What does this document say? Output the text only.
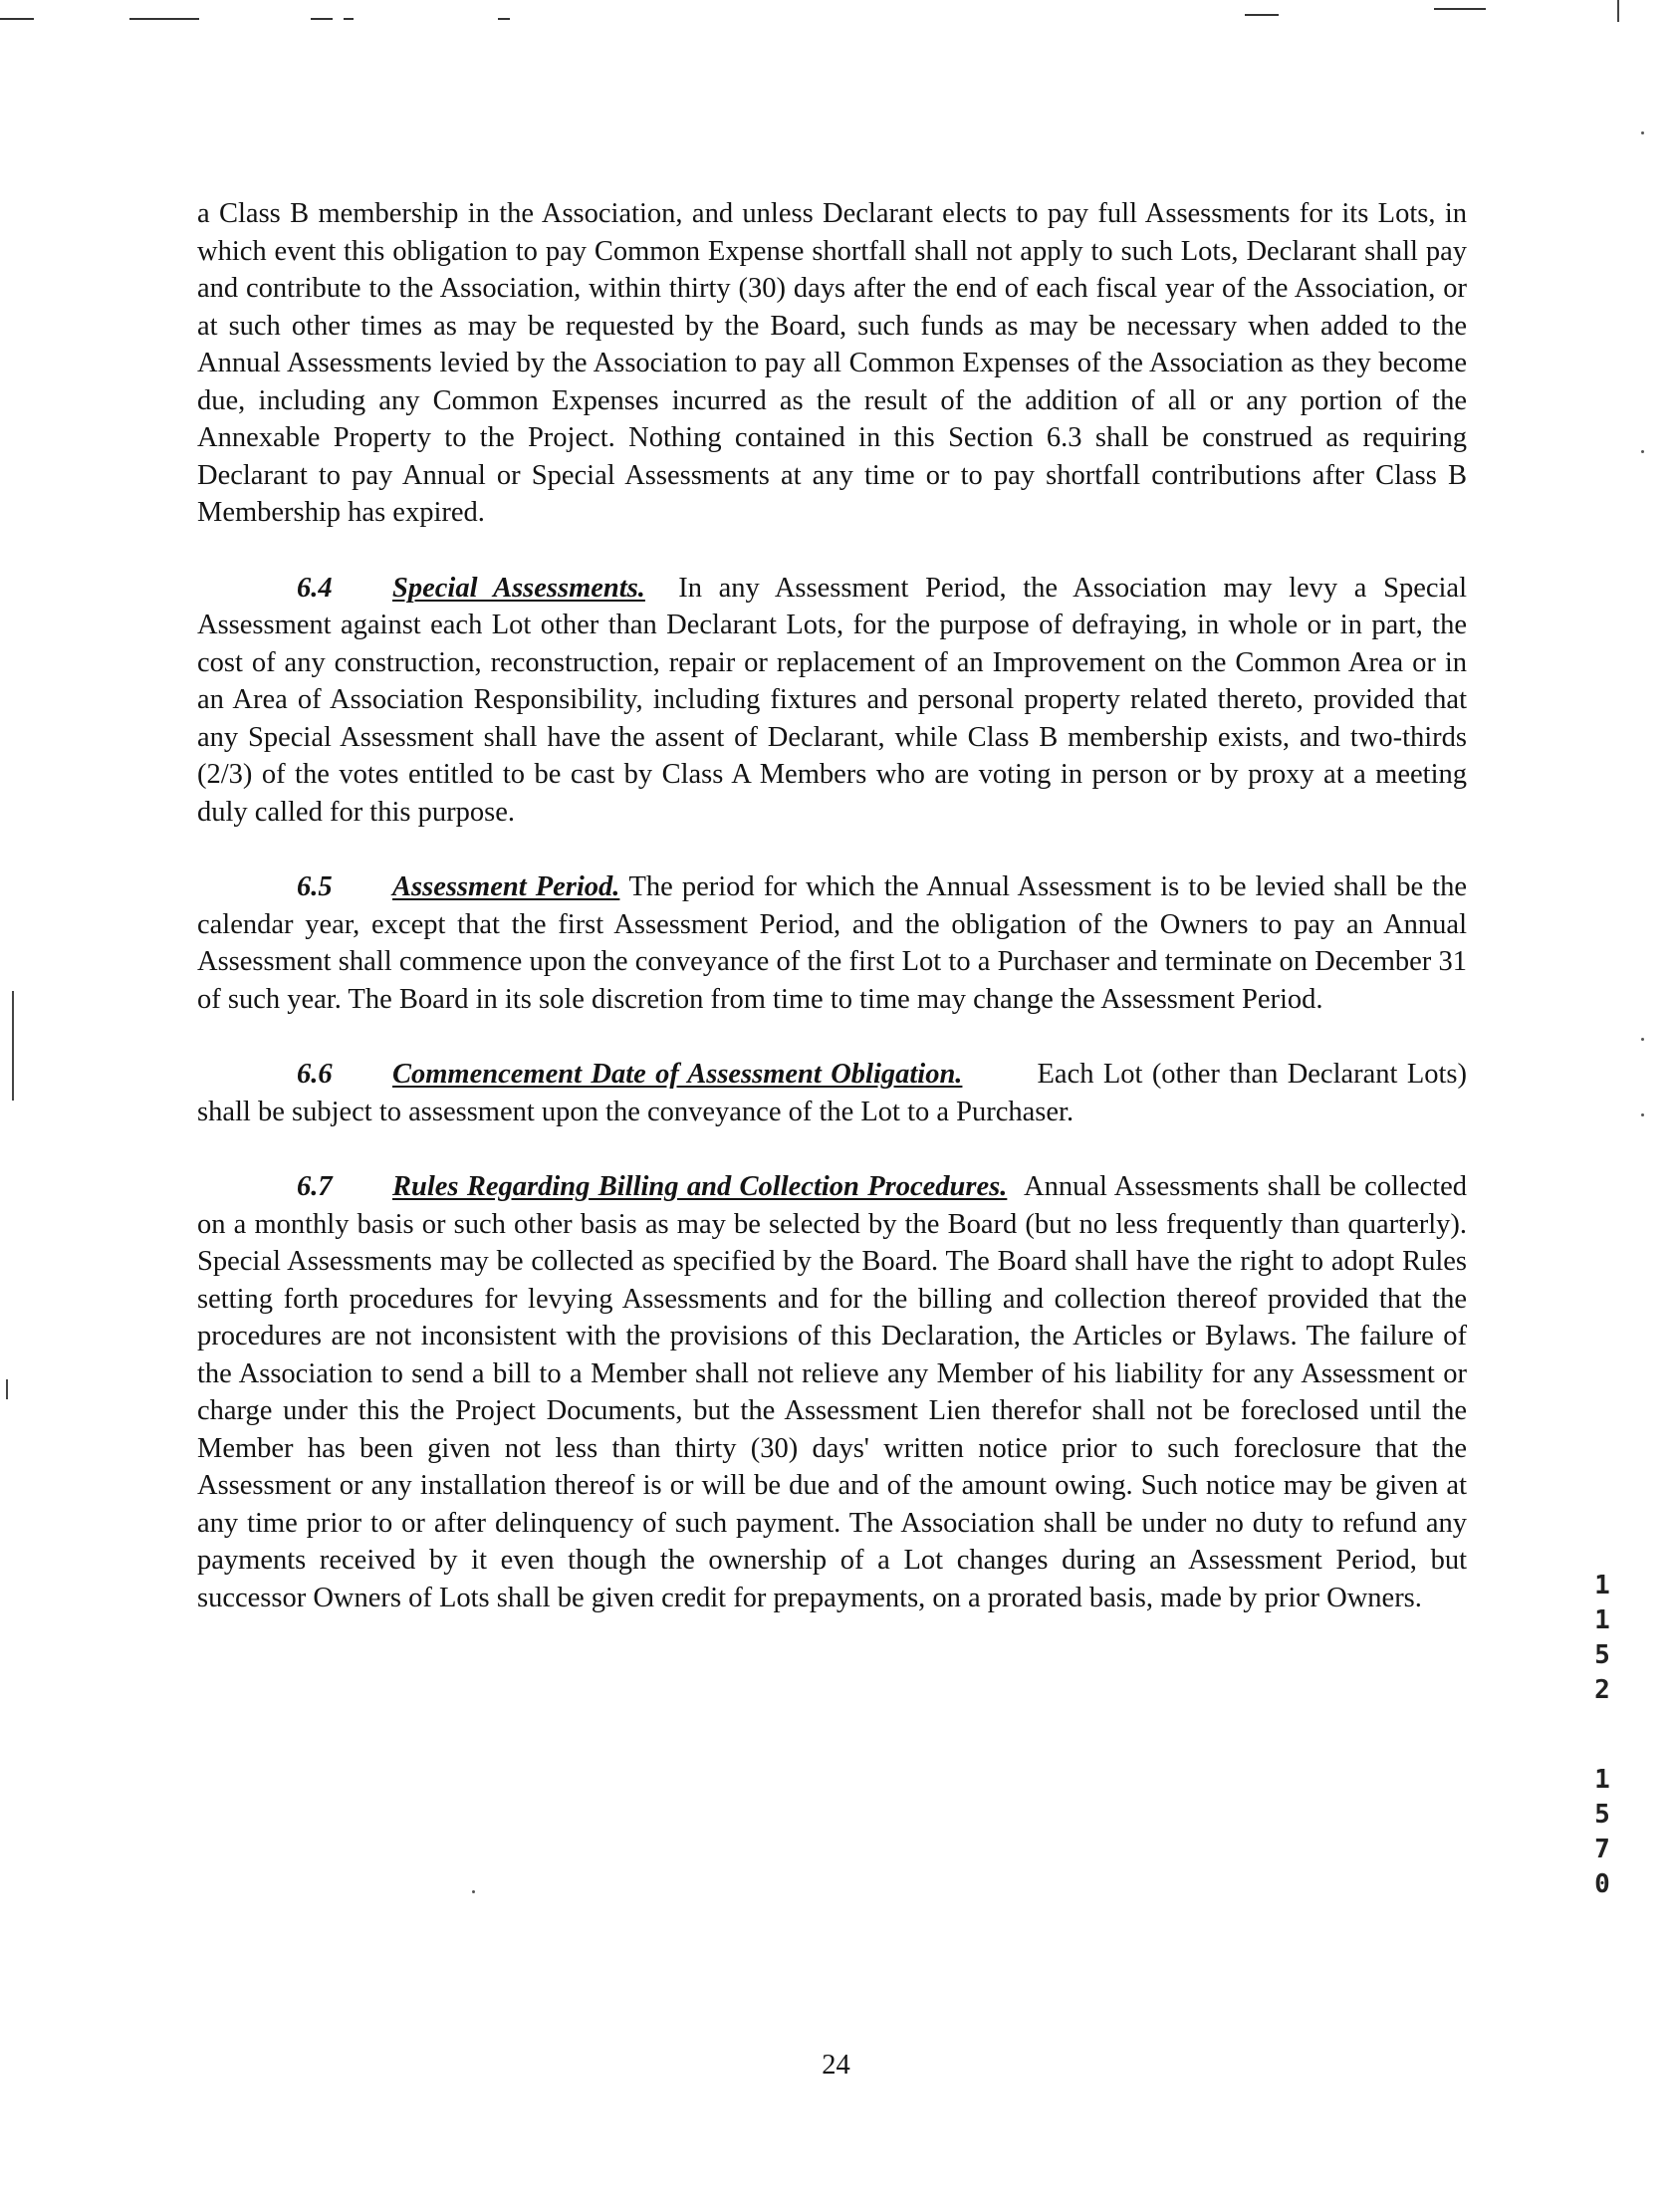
a Class B membership in the Association, and unless Declarant elects to pay full Assessments for its Lots, in which event this obligation to pay Common Expense shortfall shall not apply to such Lots, Declarant shall pay and contribute to the Association, within thirty (30) days after the end of each fiscal year of the Association, or at such other times as may be requested by the Board, such funds as may be necessary when added to the Annual Assessments levied by the Association to pay all Common Expenses of the Association as they become due, including any Common Expenses incurred as the result of the addition of all or any portion of the Annexable Property to the Project. Nothing contained in this Section 6.3 shall be construed as requiring Declarant to pay Annual or Special Assessments at any time or to pay shortfall contributions after Class B Membership has expired.

6.4 Special Assessments. In any Assessment Period, the Association may levy a Special Assessment against each Lot other than Declarant Lots, for the purpose of defraying, in whole or in part, the cost of any construction, reconstruction, repair or replacement of an Improvement on the Common Area or in an Area of Association Responsibility, including fixtures and personal property related thereto, provided that any Special Assessment shall have the assent of Declarant, while Class B membership exists, and two-thirds (2/3) of the votes entitled to be cast by Class A Members who are voting in person or by proxy at a meeting duly called for this purpose.

6.5 Assessment Period. The period for which the Annual Assessment is to be levied shall be the calendar year, except that the first Assessment Period, and the obligation of the Owners to pay an Annual Assessment shall commence upon the conveyance of the first Lot to a Purchaser and terminate on December 31 of such year. The Board in its sole discretion from time to time may change the Assessment Period.

6.6 Commencement Date of Assessment Obligation.	Each Lot (other than Declarant Lots) shall be subject to assessment upon the conveyance of the Lot to a Purchaser.

6.7 Rules Regarding Billing and Collection Procedures. Annual Assessments shall be collected on a monthly basis or such other basis as may be selected by the Board (but no less frequently than quarterly). Special Assessments may be collected as specified by the Board. The Board shall have the right to adopt Rules setting forth procedures for levying Assessments and for the billing and collection thereof provided that the procedures are not inconsistent with the provisions of this Declaration, the Articles or Bylaws. The failure of the Association to send a bill to a Member shall not relieve any Member of his liability for any Assessment or charge under this the Project Documents, but the Assessment Lien therefor shall not be foreclosed until the Member has been given not less than thirty (30) days' written notice prior to such foreclosure that the Assessment or any installation thereof is or will be due and of the amount owing. Such notice may be given at any time prior to or after delinquency of such payment. The Association shall be under no duty to refund any payments received by it even though the ownership of a Lot changes during an Assessment Period, but successor Owners of Lots shall be given credit for prepayments, on a prorated basis, made by prior Owners.

24
1
1
5
2
1
5
7
0
